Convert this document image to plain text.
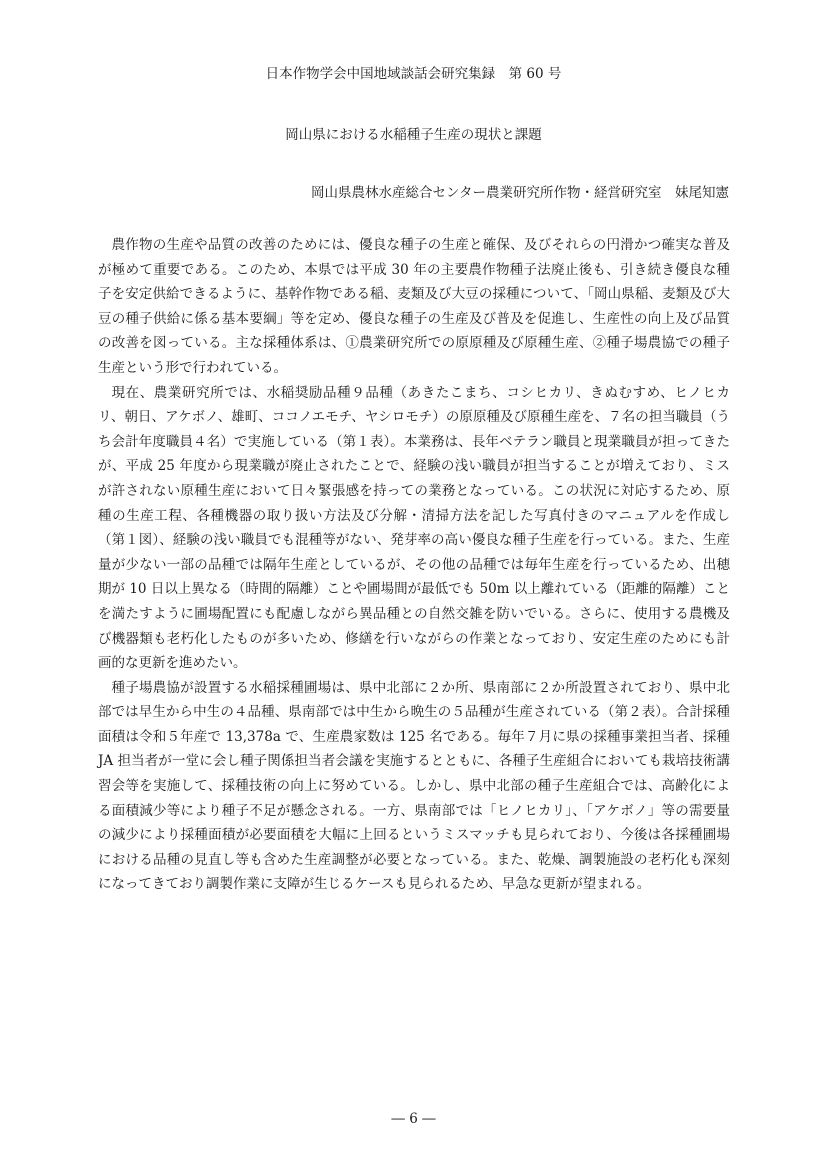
日本作物学会中国地域談話会研究集録　第 60 号
岡山県における水稲種子生産の現状と課題
岡山県農林水産総合センター農業研究所作物・経営研究室　妹尾知憲

農作物の生産や品質の改善のためには、優良な種子の生産と確保、及びそれらの円滑かつ確実な普及が極めて重要である。このため、本県では平成 30 年の主要農作物種子法廃止後も、引き続き優良な種子を安定供給できるように、基幹作物である稲、麦類及び大豆の採種について、「岡山県稲、麦類及び大豆の種子供給に係る基本要綱」等を定め、優良な種子の生産及び普及を促進し、生産性の向上及び品質の改善を図っている。主な採種体系は、①農業研究所での原原種及び原種生産、②種子場農協での種子生産という形で行われている。

現在、農業研究所では、水稲奨励品種９品種（あきたこまち、コシヒカリ、きぬむすめ、ヒノヒカリ、朝日、アケボノ、雄町、ココノエモチ、ヤシロモチ）の原原種及び原種生産を、７名の担当職員（うち会計年度職員４名）で実施している（第１表）。本業務は、長年ベテラン職員と現業職員が担ってきたが、平成 25 年度から現業職が廃止されたことで、経験の浅い職員が担当することが増えており、ミスが許されない原種生産において日々緊張感を持っての業務となっている。この状況に対応するため、原種の生産工程、各種機器の取り扱い方法及び分解・清掃方法を記した写真付きのマニュアルを作成し（第１図）、経験の浅い職員でも混種等がない、発芽率の高い優良な種子生産を行っている。また、生産量が少ない一部の品種では隔年生産としているが、その他の品種では毎年生産を行っているため、出穂期が 10 日以上異なる（時間的隔離）ことや圃場間が最低でも 50m 以上離れている（距離的隔離）ことを満たすように圃場配置にも配慮しながら異品種との自然交雑を防いでいる。さらに、使用する農機及び機器類も老朽化したものが多いため、修繕を行いながらの作業となっており、安定生産のためにも計画的な更新を進めたい。

種子場農協が設置する水稲採種圃場は、県中北部に２か所、県南部に２か所設置されており、県中北部では早生から中生の４品種、県南部では中生から晩生の５品種が生産されている（第２表）。合計採種面積は令和５年産で 13,378a で、生産農家数は 125 名である。毎年７月に県の採種事業担当者、採種 JA 担当者が一堂に会し種子関係担当者会議を実施するとともに、各種子生産組合においても栽培技術講習会等を実施して、採種技術の向上に努めている。しかし、県中北部の種子生産組合では、高齢化による面積減少等により種子不足が懸念される。一方、県南部では「ヒノヒカリ」、「アケボノ」等の需要量の減少により採種面積が必要面積を大幅に上回るというミスマッチも見られており、今後は各採種圃場における品種の見直し等も含めた生産調整が必要となっている。また、乾燥、調製施設の老朽化も深刻になってきており調製作業に支障が生じるケースも見られるため、早急な更新が望まれる。

― 6 ―
